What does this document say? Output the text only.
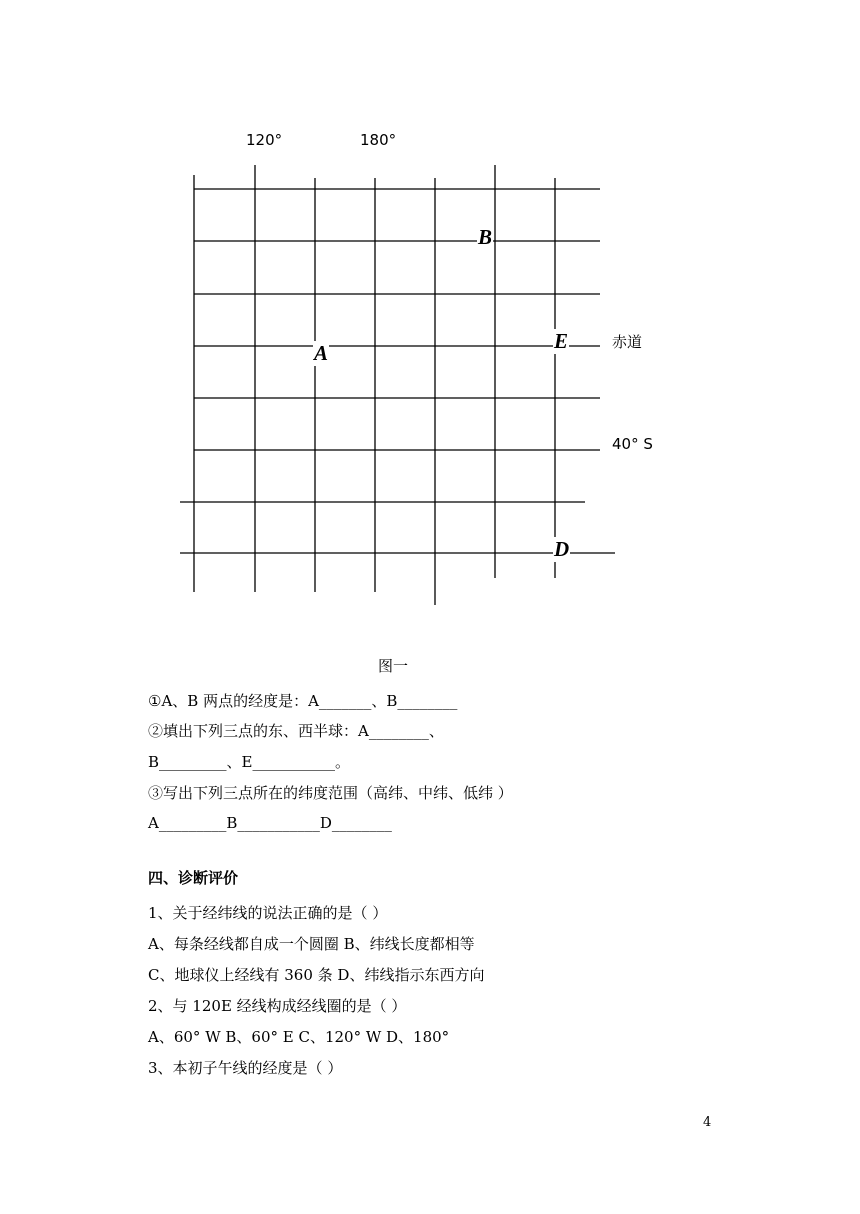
120°	180°
赤道
40° S
A
B
E
D
图一
①A、B 两点的经度是：A_______、B________
②填出下列三点的东、西半球：A________、
B_________、E___________。
③写出下列三点所在的纬度范围（高纬、中纬、低纬 ）
A_________B___________D________
四、诊断评价
1、关于经纬线的说法正确的是（ ）
A、每条经线都自成一个圆圈 B、纬线长度都相等
C、地球仪上经线有 360 条 D、纬线指示东西方向
2、与 120E 经线构成经线圈的是（ ）
A、60° W B、60° E C、120° W D、180°
3、本初子午线的经度是（ ）
4
